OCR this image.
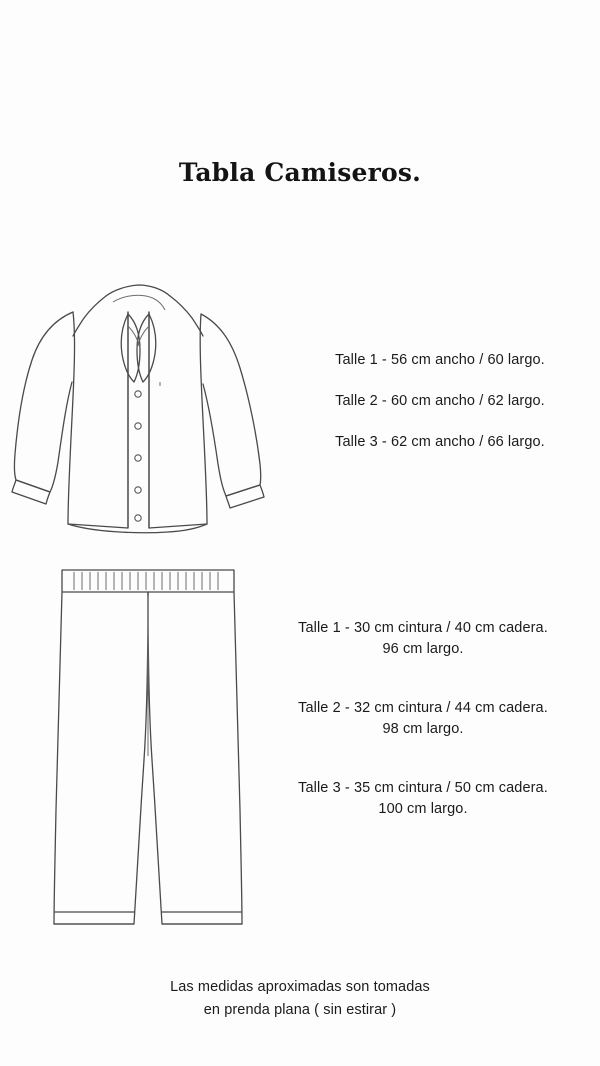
Tabla Camiseros.
Talle 1 - 56 cm ancho / 60 largo.
Talle 2 - 60 cm ancho / 62 largo.
Talle 3 - 62 cm ancho / 66 largo.
Talle 1 - 30 cm cintura / 40 cm cadera.
96 cm largo.
Talle 2 - 32 cm cintura / 44 cm cadera.
98 cm largo.
Talle 3 - 35 cm cintura / 50 cm cadera.
100 cm largo.
Las medidas aproximadas son tomadas
en prenda plana ( sin estirar )
